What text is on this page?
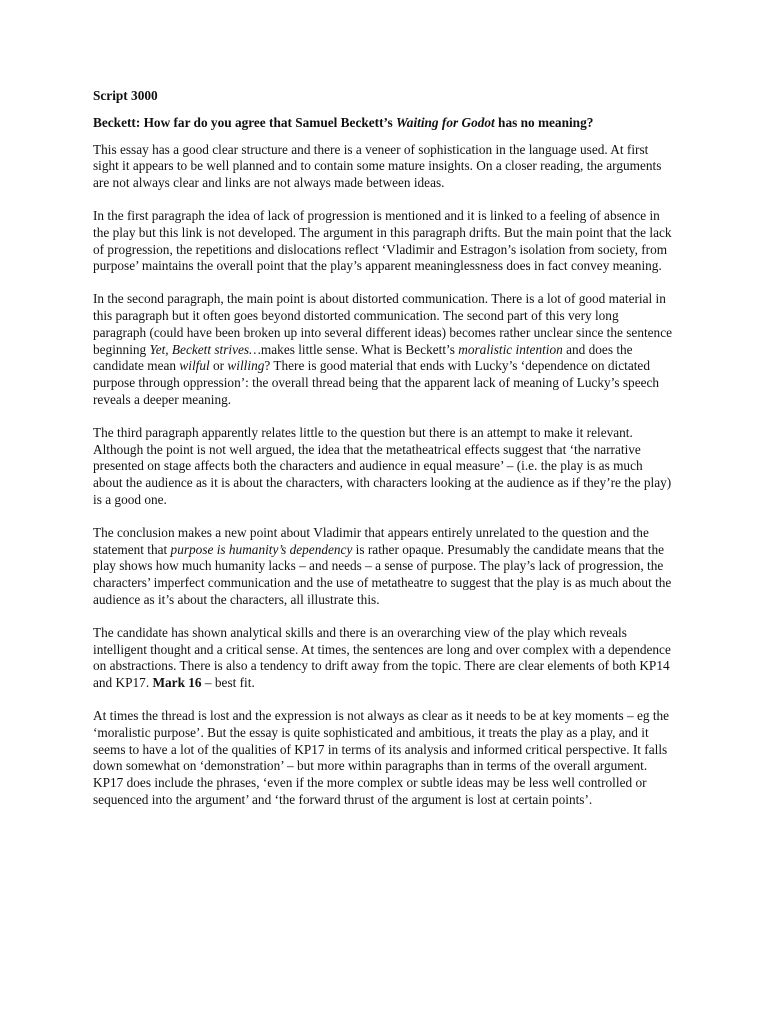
Script 3000
Beckett: How far do you agree that Samuel Beckett’s Waiting for Godot has no meaning?

This essay has a good clear structure and there is a veneer of sophistication in the language used. At first sight it appears to be well planned and to contain some mature insights. On a closer reading, the arguments are not always clear and links are not always made between ideas.

In the first paragraph the idea of lack of progression is mentioned and it is linked to a feeling of absence in the play but this link is not developed. The argument in this paragraph drifts. But the main point that the lack of progression, the repetitions and dislocations reflect ‘Vladimir and Estragon’s isolation from society, from purpose’ maintains the overall point that the play’s apparent meaninglessness does in fact convey meaning.

In the second paragraph, the main point is about distorted communication. There is a lot of good material in this paragraph but it often goes beyond distorted communication. The second part of this very long paragraph (could have been broken up into several different ideas) becomes rather unclear since the sentence beginning Yet, Beckett strives…makes little sense. What is Beckett’s moralistic intention and does the candidate mean wilful or willing? There is good material that ends with Lucky’s ‘dependence on dictated purpose through oppression’: the overall thread being that the apparent lack of meaning of Lucky’s speech reveals a deeper meaning.

The third paragraph apparently relates little to the question but there is an attempt to make it relevant. Although the point is not well argued, the idea that the metatheatrical effects suggest that ‘the narrative presented on stage affects both the characters and audience in equal measure’ – (i.e. the play is as much about the audience as it is about the characters, with characters looking at the audience as if they’re the play) is a good one.

The conclusion makes a new point about Vladimir that appears entirely unrelated to the question and the statement that purpose is humanity’s dependency is rather opaque. Presumably the candidate means that the play shows how much humanity lacks – and needs – a sense of purpose. The play’s lack of progression, the characters’ imperfect communication and the use of metatheatre to suggest that the play is as much about the audience as it’s about the characters, all illustrate this.

The candidate has shown analytical skills and there is an overarching view of the play which reveals intelligent thought and a critical sense. At times, the sentences are long and over complex with a dependence on abstractions. There is also a tendency to drift away from the topic. There are clear elements of both KP14 and KP17. Mark 16 – best fit.

At times the thread is lost and the expression is not always as clear as it needs to be at key moments – eg the ‘moralistic purpose’. But the essay is quite sophisticated and ambitious, it treats the play as a play, and it seems to have a lot of the qualities of KP17 in terms of its analysis and informed critical perspective. It falls down somewhat on ‘demonstration’ – but more within paragraphs than in terms of the overall argument. KP17 does include the phrases, ‘even if the more complex or subtle ideas may be less well controlled or sequenced into the argument’ and ‘the forward thrust of the argument is lost at certain points’.
